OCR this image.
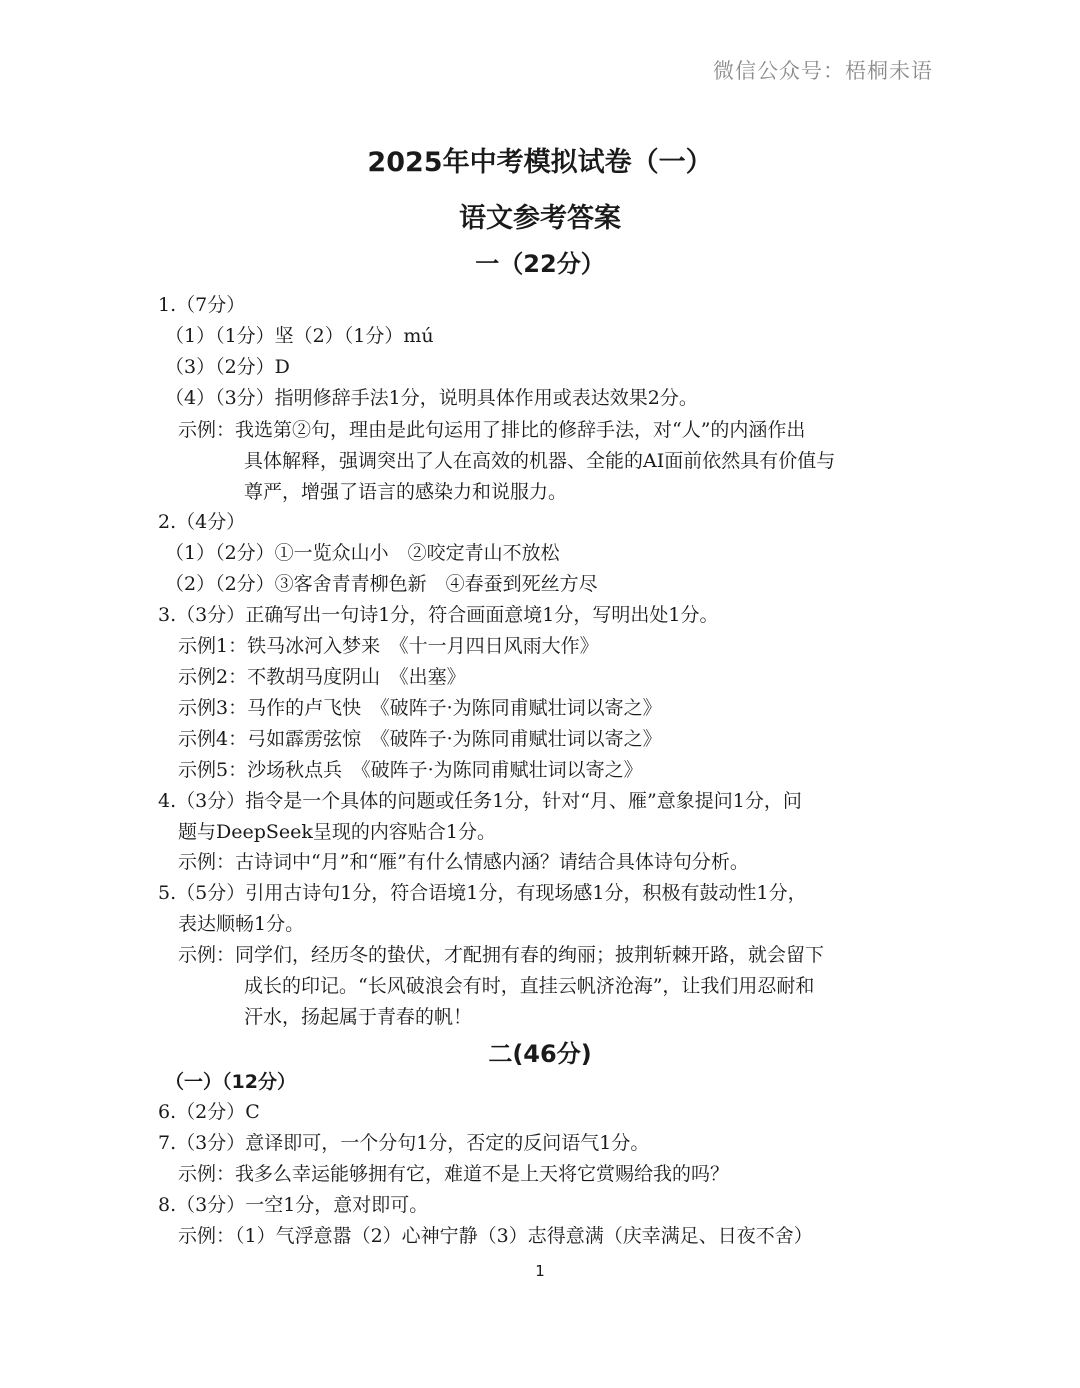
微信公众号：梧桐未语
2025年中考模拟试卷（一）
语文参考答案
一（22分）
1.（7分）
（1）（1分）坚（2）（1分）mú
（3）（2分）D
（4）（3分）指明修辞手法1分，说明具体作用或表达效果2分。
示例：我选第②句，理由是此句运用了排比的修辞手法，对“人”的内涵作出
具体解释，强调突出了人在高效的机器、全能的AI面前依然具有价值与
尊严，增强了语言的感染力和说服力。
2.（4分）
（1）（2分）①一览众山小　②咬定青山不放松
（2）（2分）③客舍青青柳色新　④春蚕到死丝方尽
3.（3分）正确写出一句诗1分，符合画面意境1分，写明出处1分。
示例1：铁马冰河入梦来　《十一月四日风雨大作》
示例2：不教胡马度阴山　《出塞》
示例3：马作的卢飞快　《破阵子·为陈同甫赋壮词以寄之》
示例4：弓如霹雳弦惊　《破阵子·为陈同甫赋壮词以寄之》
示例5：沙场秋点兵　《破阵子·为陈同甫赋壮词以寄之》
4.（3分）指令是一个具体的问题或任务1分，针对“月、雁”意象提问1分，问
题与DeepSeek呈现的内容贴合1分。
示例：古诗词中“月”和“雁”有什么情感内涵？请结合具体诗句分析。
5.（5分）引用古诗句1分，符合语境1分，有现场感1分，积极有鼓动性1分，
表达顺畅1分。
示例：同学们，经历冬的蛰伏，才配拥有春的绚丽；披荆斩棘开路，就会留下
成长的印记。“长风破浪会有时，直挂云帆济沧海”，让我们用忍耐和
汗水，扬起属于青春的帆！
二(46分)
（一）（12分）
6.（2分）C
7.（3分）意译即可，一个分句1分，否定的反问语气1分。
示例：我多么幸运能够拥有它，难道不是上天将它赏赐给我的吗？
8.（3分）一空1分，意对即可。
示例：（1）气浮意嚣（2）心神宁静（3）志得意满（庆幸满足、日夜不舍）
1
